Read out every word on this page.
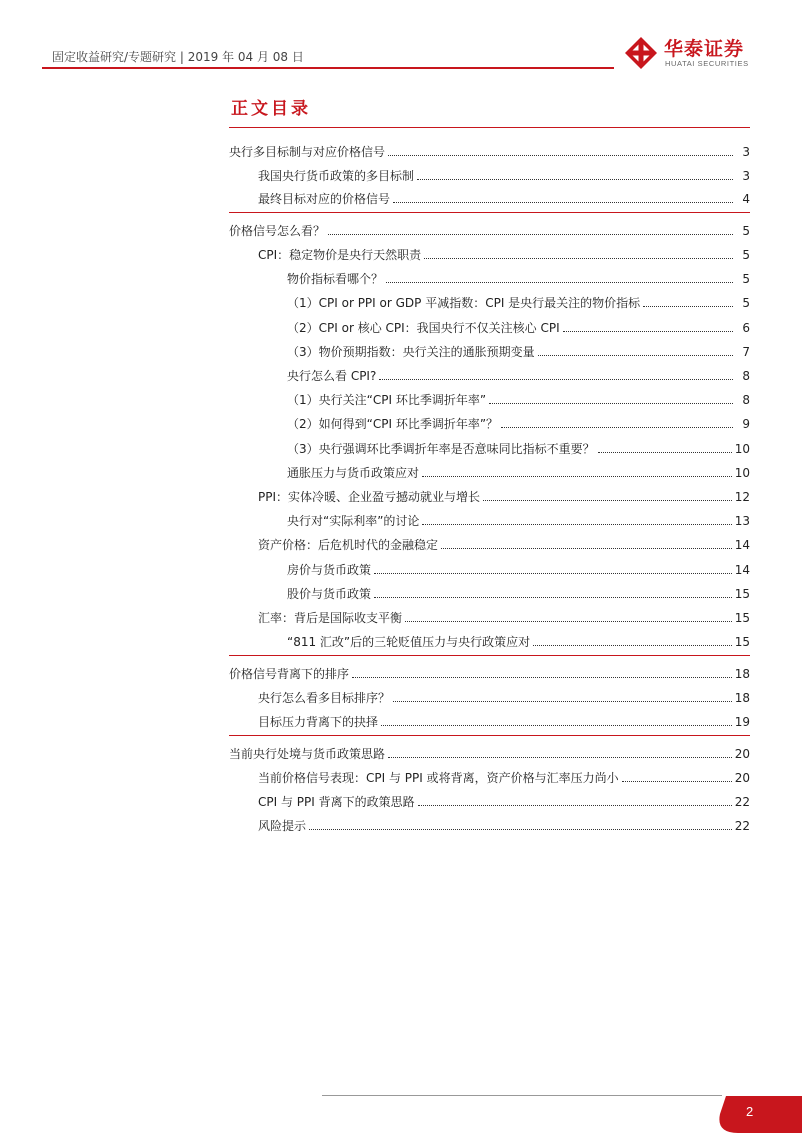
固定收益研究/专题研究 | 2019 年 04 月 08 日	华泰证券
HUATAI SECURITIES
正文目录
央行多目标制与对应价格信号	3
我国央行货币政策的多目标制	3
最终目标对应的价格信号	4
价格信号怎么看？	5
CPI：稳定物价是央行天然职责	5
物价指标看哪个？	5
（1）CPI or PPI or GDP 平减指数：CPI 是央行最关注的物价指标	5
（2）CPI or 核心 CPI：我国央行不仅关注核心 CPI	6
（3）物价预期指数：央行关注的通胀预期变量	7
央行怎么看 CPI?	8
（1）央行关注“CPI 环比季调折年率”	8
（2）如何得到“CPI 环比季调折年率”？	9
（3）央行强调环比季调折年率是否意味同比指标不重要？	10
通胀压力与货币政策应对	10
PPI：实体冷暖、企业盈亏撼动就业与增长	12
央行对“实际利率”的讨论	13
资产价格：后危机时代的金融稳定	14
房价与货币政策	14
股价与货币政策	15
汇率：背后是国际收支平衡	15
“811 汇改”后的三轮贬值压力与央行政策应对	15
价格信号背离下的排序	18
央行怎么看多目标排序？	18
目标压力背离下的抉择	19
当前央行处境与货币政策思路	20
当前价格信号表现：CPI 与 PPI 或将背离，资产价格与汇率压力尚小	20
CPI 与 PPI 背离下的政策思路	22
风险提示	22
2
